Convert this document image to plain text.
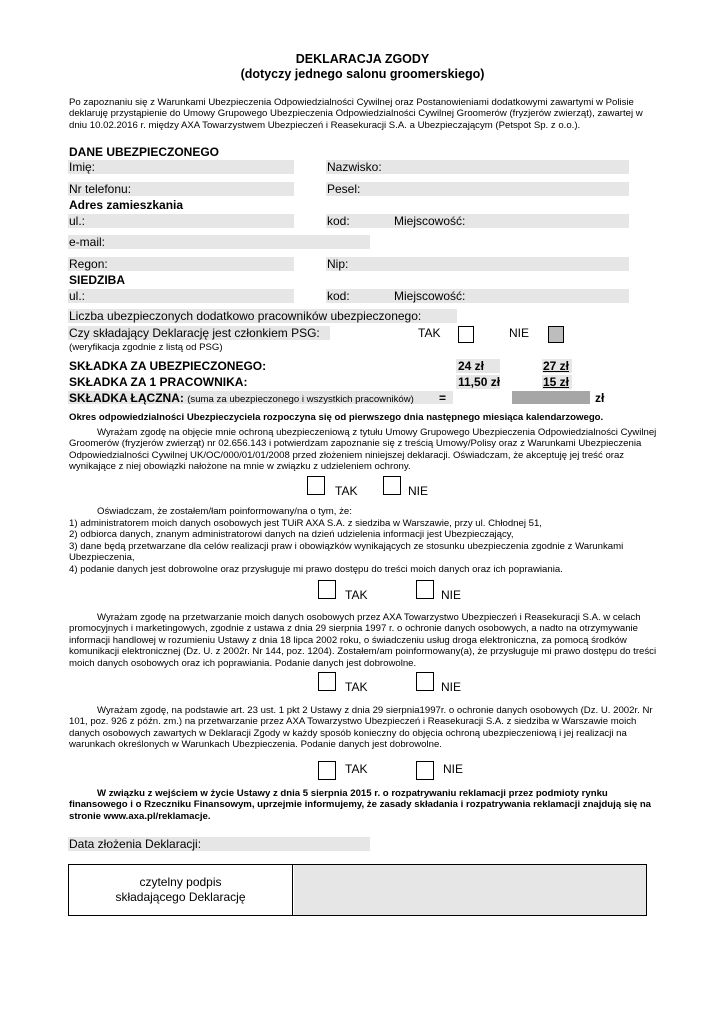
DEKLARACJA ZGODY
(dotyczy jednego salonu groomerskiego)
Po zapoznaniu się z Warunkami Ubezpieczenia Odpowiedzialności Cywilnej oraz Postanowieniami dodatkowymi zawartymi w Polisie deklaruję przystąpienie do Umowy Grupowego Ubezpieczenia Odpowiedzialności Cywilnej Groomerów (fryzjerów zwierząt), zawartej w dniu 10.02.2016 r. między AXA Towarzystwem Ubezpieczeń i Reasekuracji S.A. a Ubezpieczającym (Petspot Sp. z o.o.).
DANE UBEZPIECZONEGO
Imię:	Nazwisko:
Nr telefonu:	Pesel:
Adres zamieszkania
ul.:	kod:	Miejscowość:
e-mail:
Regon:	Nip:
SIEDZIBA
ul.:	kod:	Miejscowość:
Liczba ubezpieczonych dodatkowo pracowników ubezpieczonego:
Czy składający Deklarację jest członkiem PSG:	TAK	NIE
(weryfikacja zgodnie z listą od PSG)
SKŁADKA ZA UBEZPIECZONEGO:	24 zł	27 zł
SKŁADKA ZA 1 PRACOWNIKA:	11,50 zł	15 zł
SKŁADKA ŁĄCZNA: (suma za ubezpieczonego i wszystkich pracowników) =	zł
Okres odpowiedzialności Ubezpieczyciela rozpoczyna się od pierwszego dnia następnego miesiąca kalendarzowego.
Wyrażam zgodę na objęcie mnie ochroną ubezpieczeniową z tytułu Umowy Grupowego Ubezpieczenia Odpowiedzialności Cywilnej Groomerów (fryzjerów zwierząt) nr 02.656.143 i potwierdzam zapoznanie się z treścią Umowy/Polisy oraz z Warunkami Ubezpieczenia Odpowiedzialności Cywilnej UK/OC/000/01/01/2008 przed złożeniem niniejszej deklaracji. Oświadczam, że akceptuję jej treść oraz wynikające z niej obowiązki nałożone na mnie w związku z udzieleniem ochrony.
TAK	NIE
Oświadczam, że zostałem/łam poinformowany/na o tym, że:
1) administratorem moich danych osobowych jest TUiR AXA S.A. z siedziba w Warszawie, przy ul. Chłodnej 51,
2) odbiorca danych, znanym administratorowi danych na dzień udzielenia informacji jest Ubezpieczający,
3) dane będą przetwarzane dla celów realizacji praw i obowiązków wynikających ze stosunku ubezpieczenia zgodnie z Warunkami Ubezpieczenia,
4) podanie danych jest dobrowolne oraz przysługuje mi prawo dostępu do treści moich danych oraz ich poprawiania.
TAK	NIE
Wyrażam zgodę na przetwarzanie moich danych osobowych przez AXA Towarzystwo Ubezpieczeń i Reasekuracji S.A. w celach promocyjnych i marketingowych, zgodnie z ustawa z dnia 29 sierpnia 1997 r. o ochronie danych osobowych, a nadto na otrzymywanie informacji handlowej w rozumieniu Ustawy z dnia 18 lipca 2002 roku, o świadczeniu usług droga elektroniczna, za pomocą środków komunikacji elektronicznej (Dz. U. z 2002r. Nr 144, poz. 1204). Zostałem/am poinformowany(a), że przysługuje mi prawo dostępu do treści moich danych osobowych oraz ich poprawiania. Podanie danych jest dobrowolne.
TAK	NIE
Wyrażam zgodę, na podstawie art. 23 ust. 1 pkt 2 Ustawy z dnia 29 sierpnia1997r. o ochronie danych osobowych (Dz. U. 2002r. Nr 101, poz. 926 z późn. zm.) na przetwarzanie przez AXA Towarzystwo Ubezpieczeń i Reasekuracji S.A. z siedziba w Warszawie moich danych osobowych zawartych w Deklaracji Zgody w każdy sposób konieczny do objęcia ochroną ubezpieczeniową i jej realizacji na warunkach określonych w Warunkach Ubezpieczenia. Podanie danych jest dobrowolne.
TAK	NIE
W związku z wejściem w życie Ustawy z dnia 5 sierpnia 2015 r. o rozpatrywaniu reklamacji przez podmioty rynku finansowego i o Rzeczniku Finansowym, uprzejmie informujemy, że zasady składania i rozpatrywania reklamacji znajdują się na stronie www.axa.pl/reklamacje.
Data złożenia Deklaracji:
czytelny podpis
składającego Deklarację
